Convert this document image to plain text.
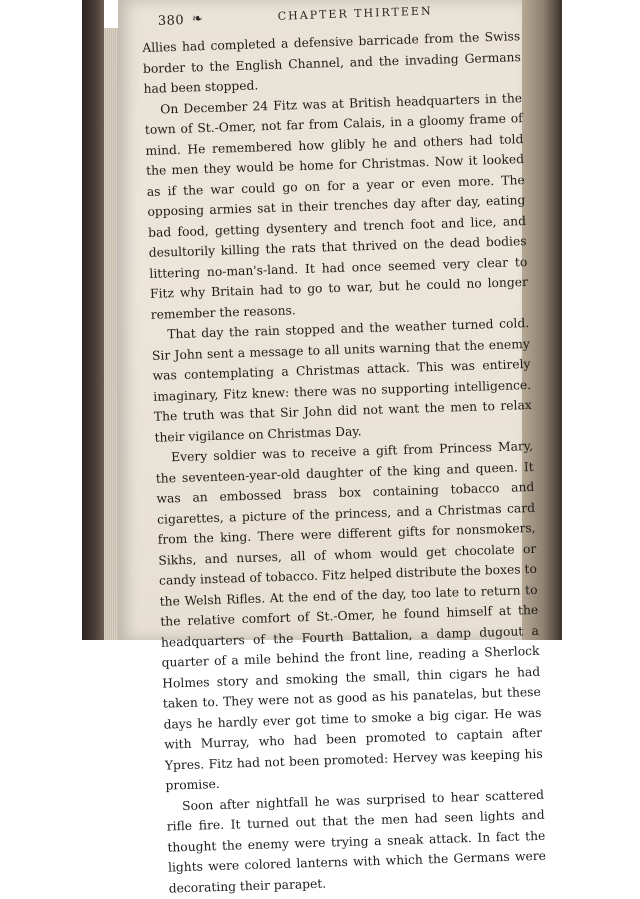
380 ❧	CHAPTER THIRTEEN

Allies had completed a defensive barricade from the Swiss border to the English Channel, and the invading Germans had been stopped.

On December 24 Fitz was at British headquarters in the town of St.-Omer, not far from Calais, in a gloomy frame of mind. He remembered how glibly he and others had told the men they would be home for Christmas. Now it looked as if the war could go on for a year or even more. The opposing armies sat in their trenches day after day, eating bad food, getting dysentery and trench foot and lice, and desultorily killing the rats that thrived on the dead bodies littering no-man's-land. It had once seemed very clear to Fitz why Britain had to go to war, but he could no longer remember the reasons.

That day the rain stopped and the weather turned cold. Sir John sent a message to all units warning that the enemy was contemplating a Christmas attack. This was entirely imaginary, Fitz knew: there was no supporting intelligence. The truth was that Sir John did not want the men to relax their vigilance on Christmas Day.

Every soldier was to receive a gift from Princess Mary, the seventeen-year-old daughter of the king and queen. It was an embossed brass box containing tobacco and cigarettes, a picture of the princess, and a Christmas card from the king. There were different gifts for nonsmokers, Sikhs, and nurses, all of whom would get chocolate or candy instead of tobacco. Fitz helped distribute the boxes to the Welsh Rifles. At the end of the day, too late to return to the relative comfort of St.-Omer, he found himself at the headquarters of the Fourth Battalion, a damp dugout a quarter of a mile behind the front line, reading a Sherlock Holmes story and smoking the small, thin cigars he had taken to. They were not as good as his panatelas, but these days he hardly ever got time to smoke a big cigar. He was with Murray, who had been promoted to captain after Ypres. Fitz had not been promoted: Hervey was keeping his promise.

Soon after nightfall he was surprised to hear scattered rifle fire. It turned out that the men had seen lights and thought the enemy were trying a sneak attack. In fact the lights were colored lanterns with which the Germans were decorating their parapet.
